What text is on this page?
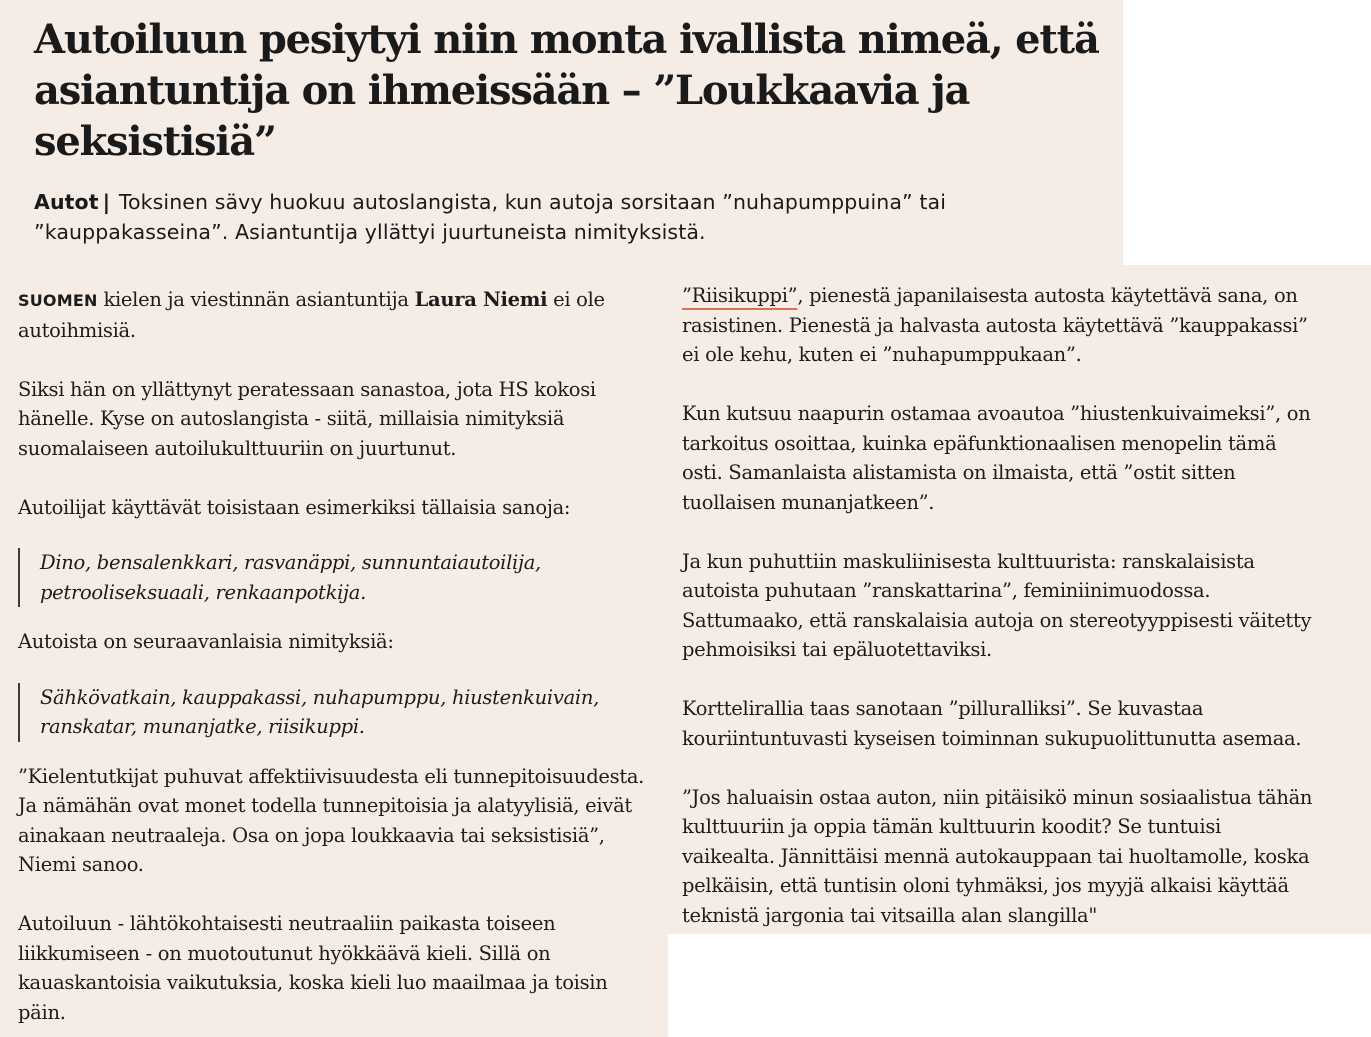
Autoiluun pesiytyi niin monta ivallista nimeä, että
asiantuntija on ihmeissään – ”Loukkaavia ja
seksistisiä”
Autot | Toksinen sävy huokuu autoslangista, kun autoja sorsitaan ”nuhapumppuina” tai
”kauppakasseina”. Asiantuntija yllättyi juurtuneista nimityksistä.
SUOMEN kielen ja viestinnän asiantuntija Laura Niemi ei ole
autoihmisiä.
Siksi hän on yllättynyt peratessaan sanastoa, jota HS kokosi
hänelle. Kyse on autoslangista - siitä, millaisia nimityksiä
suomalaiseen autoilukulttuuriin on juurtunut.
Autoilijat käyttävät toisistaan esimerkiksi tällaisia sanoja:
Dino, bensalenkkari, rasvanäppi, sunnuntaiautoilija,
petrooliseksuaali, renkaanpotkija.
Autoista on seuraavanlaisia nimityksiä:
Sähkövatkain, kauppakassi, nuhapumppu, hiustenkuivain,
ranskatar, munanjatke, riisikuppi.
”Kielentutkijat puhuvat affektiivisuudesta eli tunnepitoisuudesta.
Ja nämähän ovat monet todella tunnepitoisia ja alatyylisiä, eivät
ainakaan neutraaleja. Osa on jopa loukkaavia tai seksistisiä”,
Niemi sanoo.
Autoiluun - lähtökohtaisesti neutraaliin paikasta toiseen
liikkumiseen - on muotoutunut hyökkäävä kieli. Sillä on
kauaskantoisia vaikutuksia, koska kieli luo maailmaa ja toisin
päin.
”Riisikuppi”, pienestä japanilaisesta autosta käytettävä sana, on
rasistinen. Pienestä ja halvasta autosta käytettävä ”kauppakassi”
ei ole kehu, kuten ei ”nuhapumppukaan”.
Kun kutsuu naapurin ostamaa avoautoa ”hiustenkuivaimeksi”, on
tarkoitus osoittaa, kuinka epäfunktionaalisen menopelin tämä
osti. Samanlaista alistamista on ilmaista, että ”ostit sitten
tuollaisen munanjatkeen”.
Ja kun puhuttiin maskuliinisesta kulttuurista: ranskalaisista
autoista puhutaan ”ranskattarina”, feminiinimuodossa.
Sattumaako, että ranskalaisia autoja on stereotyyppisesti väitetty
pehmoisiksi tai epäluotettaviksi.
Korttelirallia taas sanotaan ”pilluralliksi”. Se kuvastaa
kouriintuntuvasti kyseisen toiminnan sukupuolittunutta asemaa.
”Jos haluaisin ostaa auton, niin pitäisikö minun sosiaalistua tähän
kulttuuriin ja oppia tämän kulttuurin koodit? Se tuntuisi
vaikealta. Jännittäisi mennä autokauppaan tai huoltamolle, koska
pelkäisin, että tuntisin oloni tyhmäksi, jos myyjä alkaisi käyttää
teknistä jargonia tai vitsailla alan slangilla"
